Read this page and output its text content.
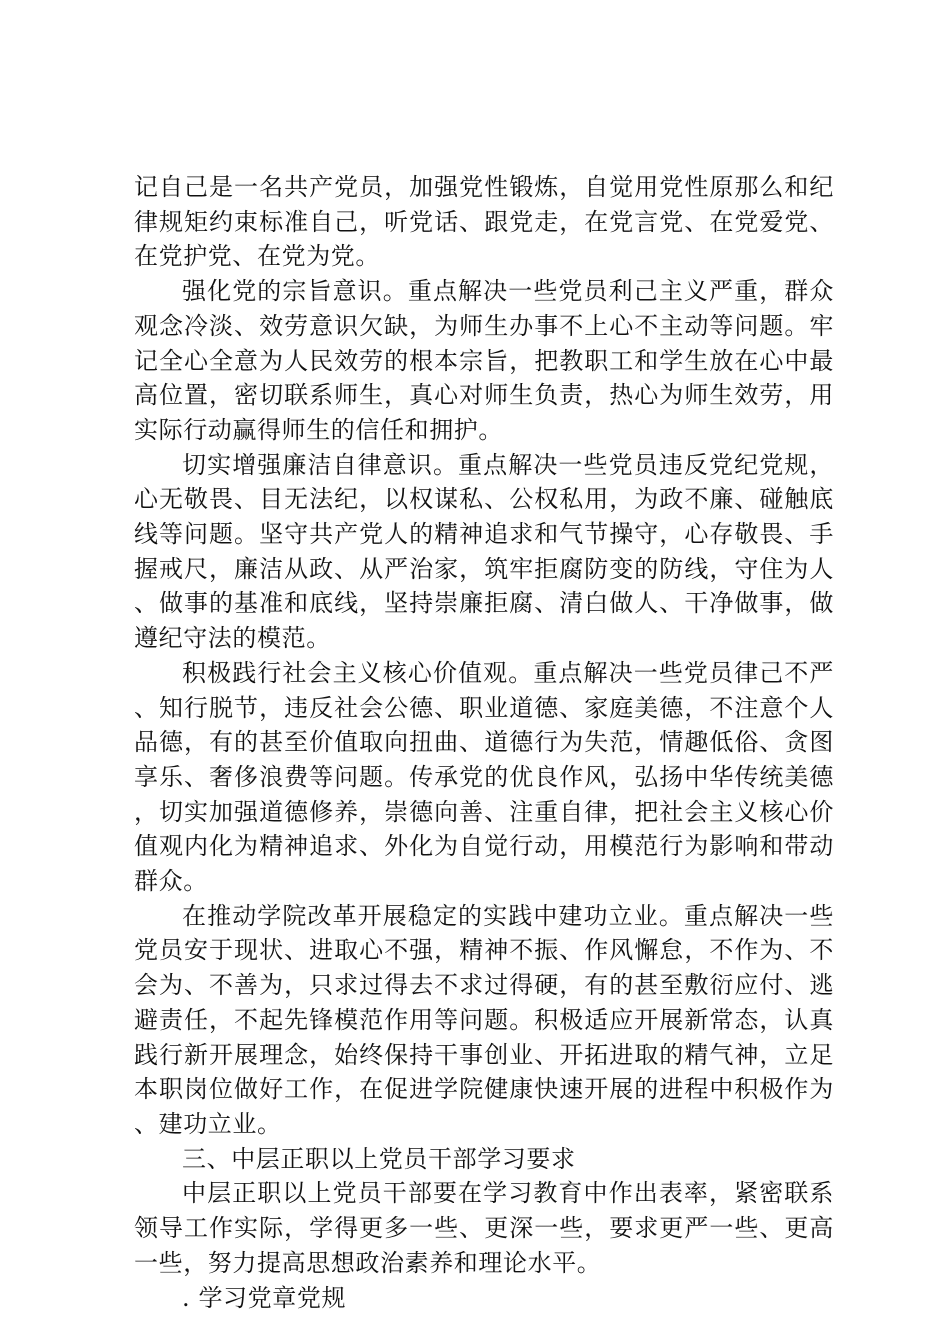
记自己是一名共产党员，加强党性锻炼，自觉用党性原那么和纪律规矩约束标准自己，听党话、跟党走，在党言党、在党爱党、在党护党、在党为党。

强化党的宗旨意识。重点解决一些党员利己主义严重，群众观念冷淡、效劳意识欠缺，为师生办事不上心不主动等问题。牢记全心全意为人民效劳的根本宗旨，把教职工和学生放在心中最高位置，密切联系师生，真心对师生负责，热心为师生效劳，用实际行动赢得师生的信任和拥护。

切实增强廉洁自律意识。重点解决一些党员违反党纪党规，心无敬畏、目无法纪，以权谋私、公权私用，为政不廉、碰触底线等问题。坚守共产党人的精神追求和气节操守，心存敬畏、手握戒尺，廉洁从政、从严治家，筑牢拒腐防变的防线，守住为人、做事的基准和底线，坚持崇廉拒腐、清白做人、干净做事，做遵纪守法的模范。

积极践行社会主义核心价值观。重点解决一些党员律己不严、知行脱节，违反社会公德、职业道德、家庭美德，不注意个人品德，有的甚至价值取向扭曲、道德行为失范，情趣低俗、贪图享乐、奢侈浪费等问题。传承党的优良作风，弘扬中华传统美德，切实加强道德修养，崇德向善、注重自律，把社会主义核心价值观内化为精神追求、外化为自觉行动，用模范行为影响和带动群众。

在推动学院改革开展稳定的实践中建功立业。重点解决一些党员安于现状、进取心不强，精神不振、作风懈怠，不作为、不会为、不善为，只求过得去不求过得硬，有的甚至敷衍应付、逃避责任，不起先锋模范作用等问题。积极适应开展新常态，认真践行新开展理念，始终保持干事创业、开拓进取的精气神，立足本职岗位做好工作，在促进学院健康快速开展的进程中积极作为、建功立业。

三、中层正职以上党员干部学习要求

中层正职以上党员干部要在学习教育中作出表率，紧密联系领导工作实际，学得更多一些、更深一些，要求更严一些、更高一些，努力提高思想政治素养和理论水平。

. 学习党章党规
